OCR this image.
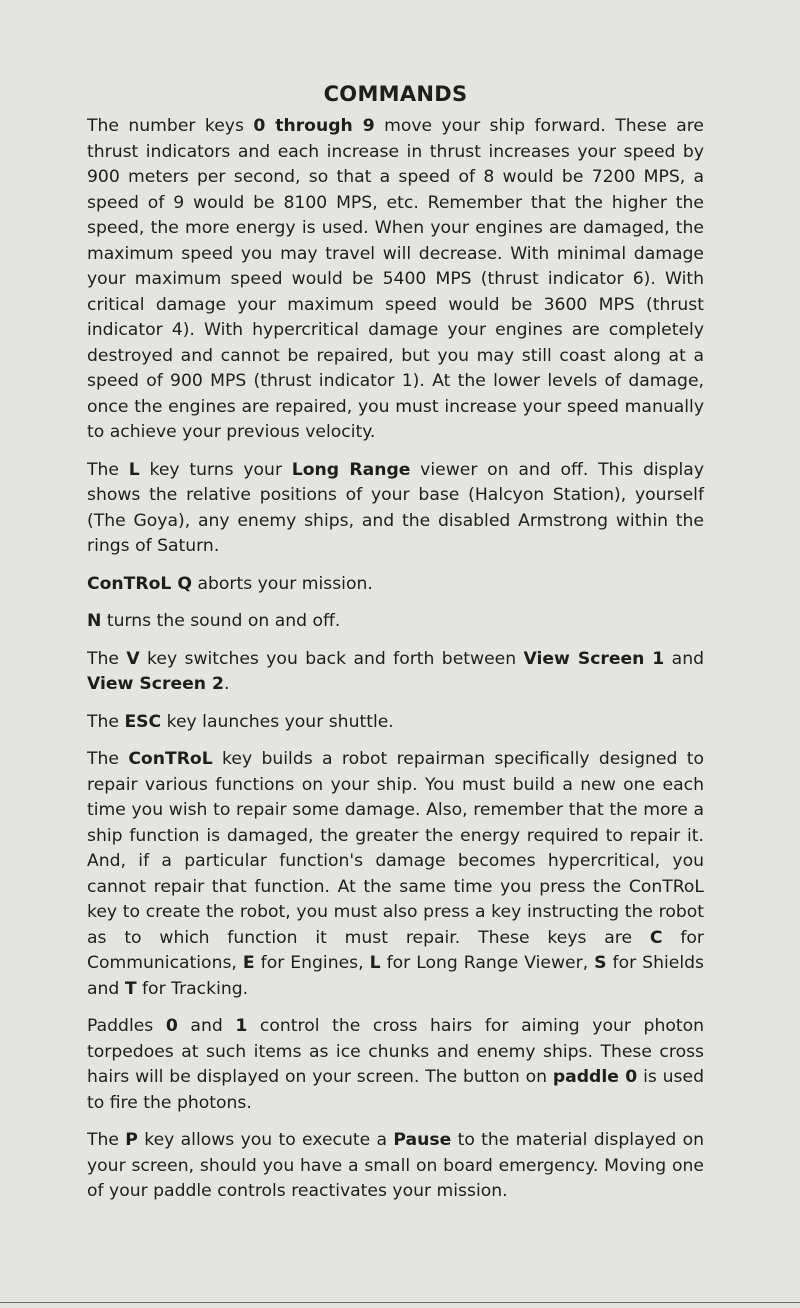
COMMANDS

The number keys 0 through 9 move your ship forward. These are thrust indicators and each increase in thrust increases your speed by 900 meters per second, so that a speed of 8 would be 7200 MPS, a speed of 9 would be 8100 MPS, etc. Remember that the higher the speed, the more energy is used. When your engines are damaged, the maximum speed you may travel will decrease. With minimal damage your maximum speed would be 5400 MPS (thrust indicator 6). With critical damage your maximum speed would be 3600 MPS (thrust indicator 4). With hypercritical damage your engines are completely destroyed and cannot be repaired, but you may still coast along at a speed of 900 MPS (thrust indicator 1). At the lower levels of damage, once the engines are repaired, you must increase your speed manually to achieve your previous velocity.

The L key turns your Long Range viewer on and off. This display shows the relative positions of your base (Halcyon Station), yourself (The Goya), any enemy ships, and the disabled Armstrong within the rings of Saturn.

ConTRoL Q aborts your mission.

N turns the sound on and off.

The V key switches you back and forth between View Screen 1 and View Screen 2.

The ESC key launches your shuttle.

The ConTRoL key builds a robot repairman specifically designed to repair various functions on your ship. You must build a new one each time you wish to repair some damage. Also, remember that the more a ship function is damaged, the greater the energy required to repair it. And, if a particular function's damage becomes hypercritical, you cannot repair that function. At the same time you press the ConTRoL key to create the robot, you must also press a key instructing the robot as to which function it must repair. These keys are C for Communications, E for Engines, L for Long Range Viewer, S for Shields and T for Tracking.

Paddles 0 and 1 control the cross hairs for aiming your photon torpedoes at such items as ice chunks and enemy ships. These cross hairs will be displayed on your screen. The button on paddle 0 is used to fire the photons.

The P key allows you to execute a Pause to the material displayed on your screen, should you have a small on board emergency. Moving one of your paddle controls reactivates your mission.
